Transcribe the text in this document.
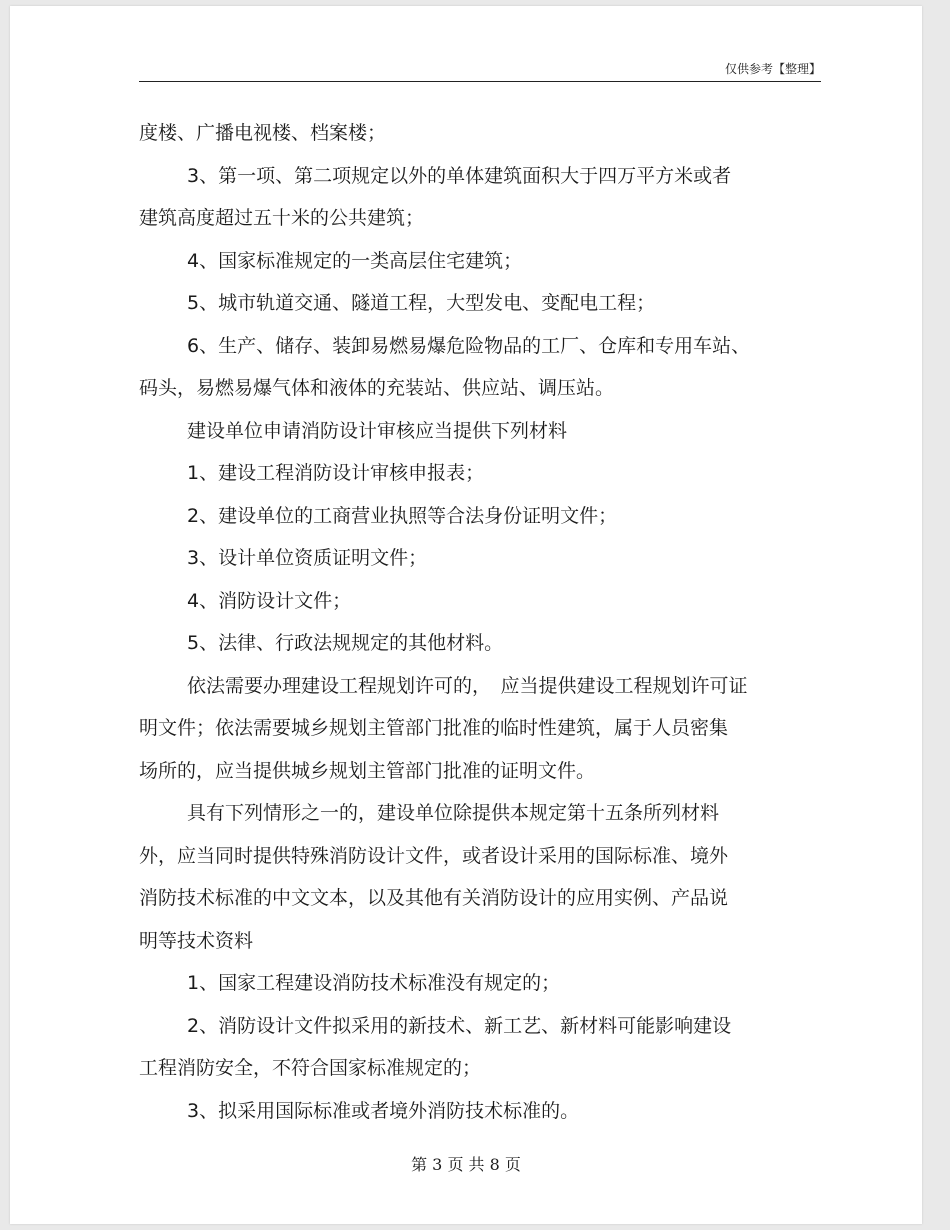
仅供参考【整理】

度楼、广播电视楼、档案楼；

3、第一项、第二项规定以外的单体建筑面积大于四万平方米或者

建筑高度超过五十米的公共建筑；

4、国家标准规定的一类高层住宅建筑；

5、城市轨道交通、隧道工程，大型发电、变配电工程；

6、生产、储存、装卸易燃易爆危险物品的工厂、仓库和专用车站、

码头，易燃易爆气体和液体的充装站、供应站、调压站。

建设单位申请消防设计审核应当提供下列材料

1、建设工程消防设计审核申报表；

2、建设单位的工商营业执照等合法身份证明文件；

3、设计单位资质证明文件；

4、消防设计文件；

5、法律、行政法规规定的其他材料。

依法需要办理建设工程规划许可的，　应当提供建设工程规划许可证

明文件；依法需要城乡规划主管部门批准的临时性建筑，属于人员密集

场所的，应当提供城乡规划主管部门批准的证明文件。

具有下列情形之一的，建设单位除提供本规定第十五条所列材料

外，应当同时提供特殊消防设计文件，或者设计采用的国际标准、境外

消防技术标准的中文文本，以及其他有关消防设计的应用实例、产品说

明等技术资料

1、国家工程建设消防技术标准没有规定的；

2、消防设计文件拟采用的新技术、新工艺、新材料可能影响建设

工程消防安全，不符合国家标准规定的；

3、拟采用国际标准或者境外消防技术标准的。

第 3 页 共 8 页
